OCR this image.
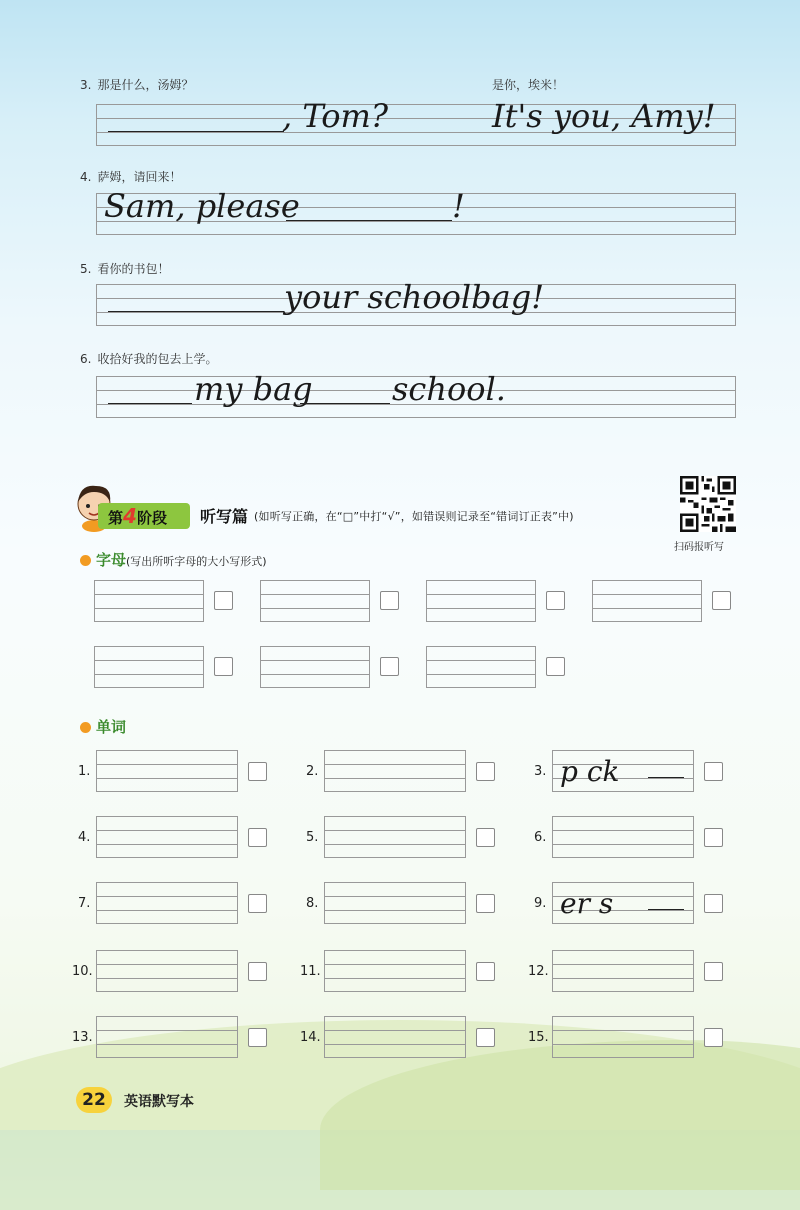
3. 那是什么，汤姆？	是你，埃米！
, Tom?	It's you, Amy!
4. 萨姆，请回来！
Sam, please	!
5. 看你的书包！
your schoolbag!
6. 收拾好我的包去上学。
my bag school.
第4阶段	听写篇 (如听写正确，在“□”中打“√”，如错误则记录至“错词订正表”中)
扫码报听写
字母(写出所听字母的大小写形式)
单词
1.	2.	3. p ck
4.	5.	6.
7.	8.	9. er s
10.	11.	12.
13.	14.	15.
22	英语默写本
